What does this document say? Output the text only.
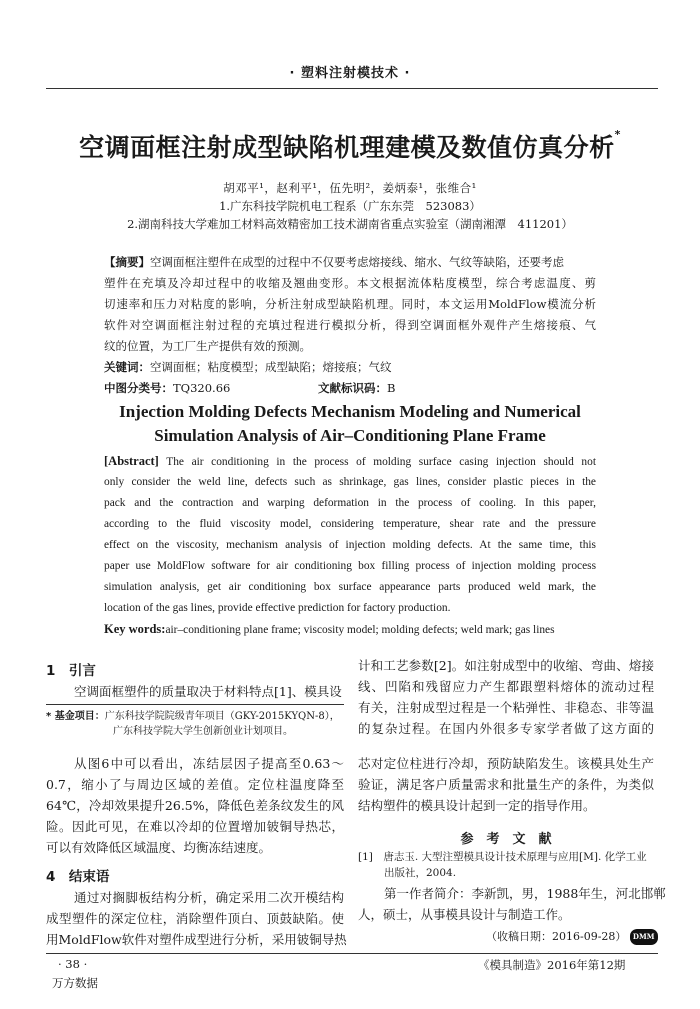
· 塑料注射模技术 ·
空调面框注射成型缺陷机理建模及数值仿真分析*
胡邓平¹，赵利平¹，伍先明²，姜炳泰¹，张维合¹
1.广东科技学院机电工程系（广东东莞　523083）
2.湖南科技大学难加工材料高效精密加工技术湖南省重点实验室（湖南湘潭　411201）
【摘要】空调面框注塑件在成型的过程中不仅要考虑熔接线、缩水、气纹等缺陷，还要考虑
塑件在充填及冷却过程中的收缩及翘曲变形。本文根据流体粘度模型，综合考虑温度、剪
切速率和压力对粘度的影响，分析注射成型缺陷机理。同时，本文运用MoldFlow模流分析
软件对空调面框注射过程的充填过程进行模拟分析，得到空调面框外观件产生熔接痕、气
纹的位置，为工厂生产提供有效的预测。
关键词：空调面框；粘度模型；成型缺陷；熔接痕；气纹
中图分类号：TQ320.66	文献标识码：B
Injection Molding Defects Mechanism Modeling and Numerical
Simulation Analysis of Air–Conditioning Plane Frame
[Abstract] The air conditioning in the process of molding surface casing injection should not
only consider the weld line, defects such as shrinkage, gas lines, consider plastic pieces in the
pack and the contraction and warping deformation in the process of cooling. In this paper,
according to the fluid viscosity model, considering temperature, shear rate and the pressure
effect on the viscosity, mechanism analysis of injection molding defects. At the same time, this
paper use MoldFlow software for air conditioning box filling process of injection molding process
simulation analysis, get air conditioning box surface appearance parts produced weld mark, the
location of the gas lines, provide effective prediction for factory production.
Key words:air–conditioning plane frame; viscosity model; molding defects; weld mark; gas lines
1　引言
空调面框塑件的质量取决于材料特点[1]、模具设
* 基金项目：广东科技学院院级青年项目（GKY-2015KYQN-8），
广东科技学院大学生创新创业计划项目。
计和工艺参数[2]。如注射成型中的收缩、弯曲、熔接
线、凹陷和残留应力产生都跟塑料熔体的流动过程
有关，注射成型过程是一个粘弹性、非稳态、非等温
的复杂过程。在国内外很多专家学者做了这方面的
从图6中可以看出，冻结层因子提高至0.63～
0.7，缩小了与周边区域的差值。定位柱温度降至
64℃，冷却效果提升26.5%，降低色差条纹发生的风
险。因此可见，在难以冷却的位置增加铍铜导热芯，
可以有效降低区域温度、均衡冻结速度。
4　结束语
通过对搁脚板结构分析，确定采用二次开模结构
成型塑件的深定位柱，消除塑件顶白、顶鼓缺陷。使
用MoldFlow软件对塑件成型进行分析，采用铍铜导热
芯对定位柱进行冷却，预防缺陷发生。该模具处生产
验证，满足客户质量需求和批量生产的条件，为类似
结构塑件的模具设计起到一定的指导作用。
参　考　文　献
[1]　唐志玉. 大型注塑模具设计技术原理与应用[M]. 化学工业
出版社，2004.
第一作者简介：李新凯，男，1988年生，河北邯郸
人，硕士，从事模具设计与制造工作。
（收稿日期：2016-09-28） DMM
· 38 ·	《模具制造》2016年第12期
万方数据
